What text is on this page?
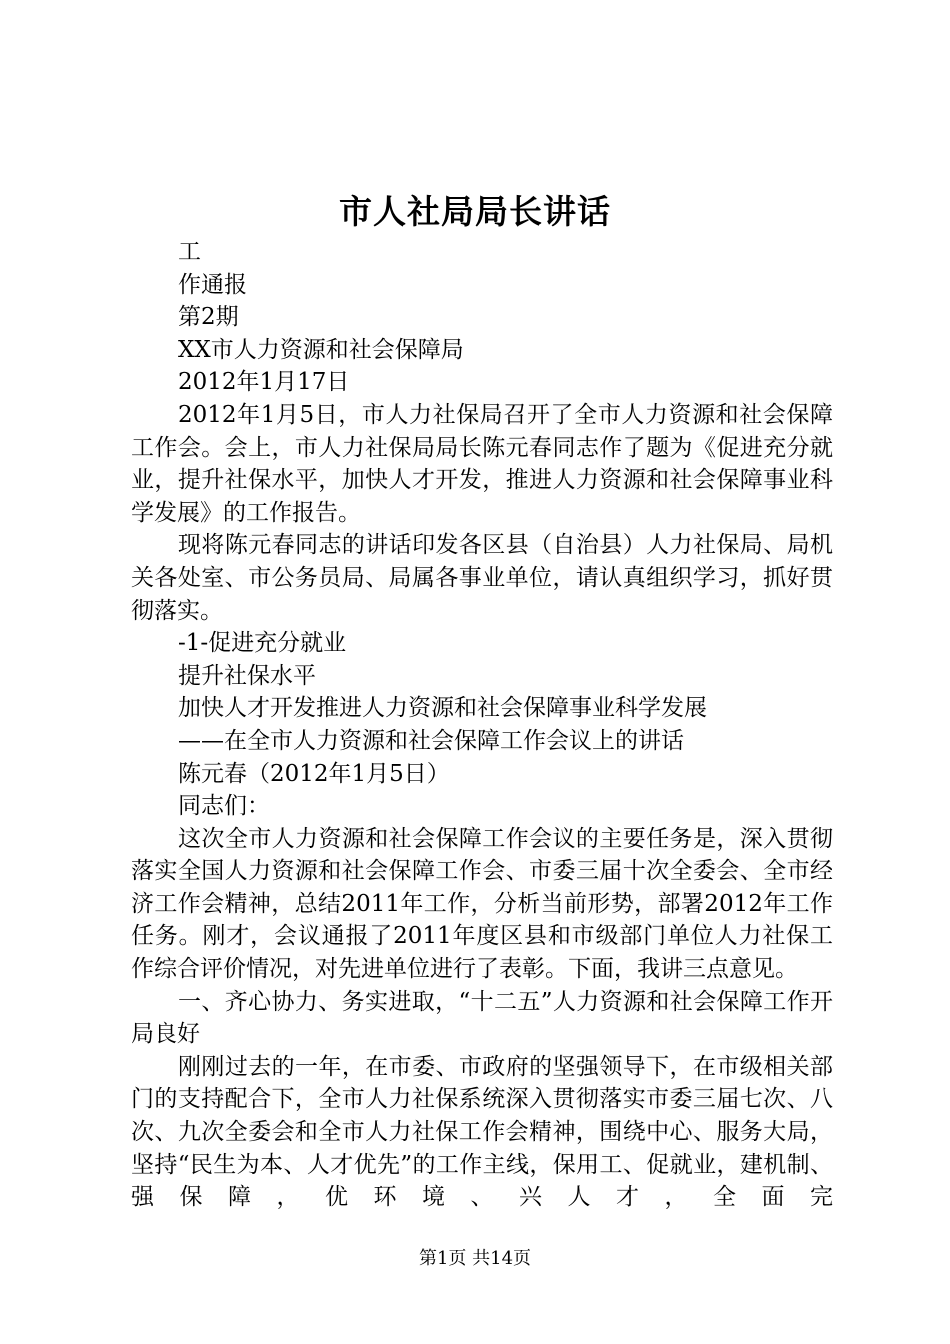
市人社局局长讲话

工

作通报

第2期

XX市人力资源和社会保障局

2012年1月17日

2012年1月5日，市人力社保局召开了全市人力资源和社会保障工作会。会上，市人力社保局局长陈元春同志作了题为《促进充分就业，提升社保水平，加快人才开发，推进人力资源和社会保障事业科学发展》的工作报告。

现将陈元春同志的讲话印发各区县（自治县）人力社保局、局机关各处室、市公务员局、局属各事业单位，请认真组织学习，抓好贯彻落实。

-1-促进充分就业

提升社保水平

加快人才开发推进人力资源和社会保障事业科学发展

——在全市人力资源和社会保障工作会议上的讲话

陈元春（2012年1月5日）

同志们：

这次全市人力资源和社会保障工作会议的主要任务是，深入贯彻落实全国人力资源和社会保障工作会、市委三届十次全委会、全市经济工作会精神，总结2011年工作，分析当前形势，部署2012年工作任务。刚才，会议通报了2011年度区县和市级部门单位人力社保工作综合评价情况，对先进单位进行了表彰。下面，我讲三点意见。

一、齐心协力、务实进取，“十二五”人力资源和社会保障工作开局良好

刚刚过去的一年，在市委、市政府的坚强领导下，在市级相关部门的支持配合下，全市人力社保系统深入贯彻落实市委三届七次、八次、九次全委会和全市人力社保工作会精神，围绕中心、服务大局，坚持“民生为本、人才优先”的工作主线，保用工、促就业，建机制、强保障，优环境、兴人才，全面完

第1页 共14页
